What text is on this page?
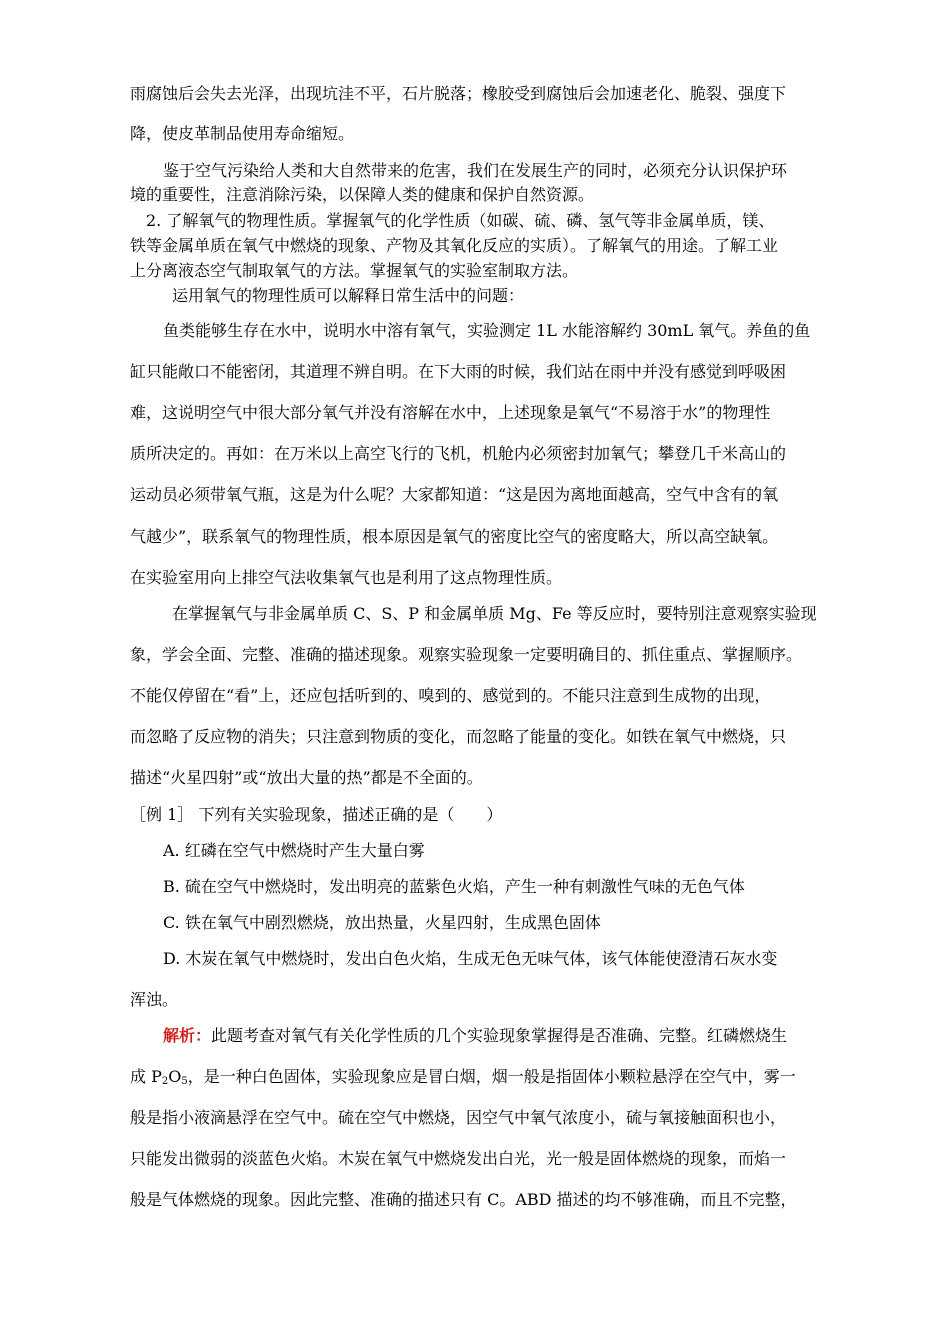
雨腐蚀后会失去光泽，出现坑洼不平，石片脱落；橡胶受到腐蚀后会加速老化、脆裂、强度下
降，使皮革制品使用寿命缩短。
鉴于空气污染给人类和大自然带来的危害，我们在发展生产的同时，必须充分认识保护环
境的重要性，注意消除污染，以保障人类的健康和保护自然资源。
2. 了解氧气的物理性质。掌握氧气的化学性质（如碳、硫、磷、氢气等非金属单质，镁、
铁等金属单质在氧气中燃烧的现象、产物及其氧化反应的实质）。了解氧气的用途。了解工业
上分离液态空气制取氧气的方法。掌握氧气的实验室制取方法。
运用氧气的物理性质可以解释日常生活中的问题：
鱼类能够生存在水中，说明水中溶有氧气，实验测定 1L 水能溶解约 30mL 氧气。养鱼的鱼
缸只能敞口不能密闭，其道理不辨自明。在下大雨的时候，我们站在雨中并没有感觉到呼吸困
难，这说明空气中很大部分氧气并没有溶解在水中，上述现象是氧气“不易溶于水”的物理性
质所决定的。再如：在万米以上高空飞行的飞机，机舱内必须密封加氧气；攀登几千米高山的
运动员必须带氧气瓶，这是为什么呢？大家都知道：“这是因为离地面越高，空气中含有的氧
气越少”，联系氧气的物理性质，根本原因是氧气的密度比空气的密度略大，所以高空缺氧。
在实验室用向上排空气法收集氧气也是利用了这点物理性质。
在掌握氧气与非金属单质 C、S、P 和金属单质 Mg、Fe 等反应时，要特别注意观察实验现
象，学会全面、完整、准确的描述现象。观察实验现象一定要明确目的、抓住重点、掌握顺序。
不能仅停留在“看”上，还应包括听到的、嗅到的、感觉到的。不能只注意到生成物的出现，
而忽略了反应物的消失；只注意到物质的变化，而忽略了能量的变化。如铁在氧气中燃烧，只
描述“火星四射”或“放出大量的热”都是不全面的。
［例 1］ 下列有关实验现象，描述正确的是（　　）
A. 红磷在空气中燃烧时产生大量白雾
B. 硫在空气中燃烧时，发出明亮的蓝紫色火焰，产生一种有刺激性气味的无色气体
C. 铁在氧气中剧烈燃烧，放出热量，火星四射，生成黑色固体
D. 木炭在氧气中燃烧时，发出白色火焰，生成无色无味气体，该气体能使澄清石灰水变
浑浊。
解析：此题考查对氧气有关化学性质的几个实验现象掌握得是否准确、完整。红磷燃烧生
成 $P_2O_5$，是一种白色固体，实验现象应是冒白烟，烟一般是指固体小颗粒悬浮在空气中，雾一
般是指小液滴悬浮在空气中。硫在空气中燃烧，因空气中氧气浓度小，硫与氧接触面积也小，
只能发出微弱的淡蓝色火焰。木炭在氧气中燃烧发出白光，光一般是固体燃烧的现象，而焰一
般是气体燃烧的现象。因此完整、准确的描述只有 C。ABD 描述的均不够准确，而且不完整，
